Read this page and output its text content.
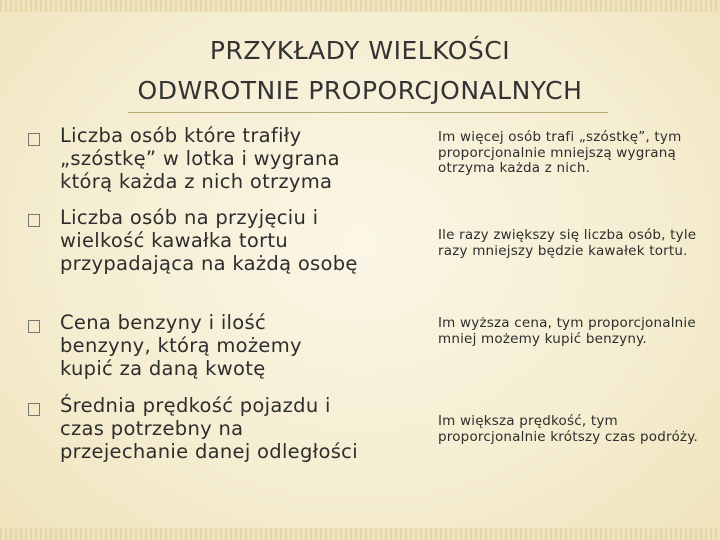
PRZYKŁADY WIELKOŚCI
ODWROTNIE PROPORCJONALNYCH

Liczba osób które trafiły „szóstkę” w lotka i wygrana którą każda z nich otrzyma

Im więcej osób trafi „szóstkę”, tym proporcjonalnie mniejszą wygraną otrzyma każda z nich.

Liczba osób na przyjęciu i wielkość kawałka tortu przypadająca na każdą osobę

Ile razy zwiększy się liczba osób, tyle razy mniejszy będzie kawałek tortu.

Cena benzyny i ilość benzyny, którą możemy kupić za daną kwotę

Im wyższa cena, tym proporcjonalnie mniej możemy kupić benzyny.

Średnia prędkość pojazdu i czas potrzebny na przejechanie danej odległości

Im większa prędkość, tym proporcjonalnie krótszy czas podróży.
